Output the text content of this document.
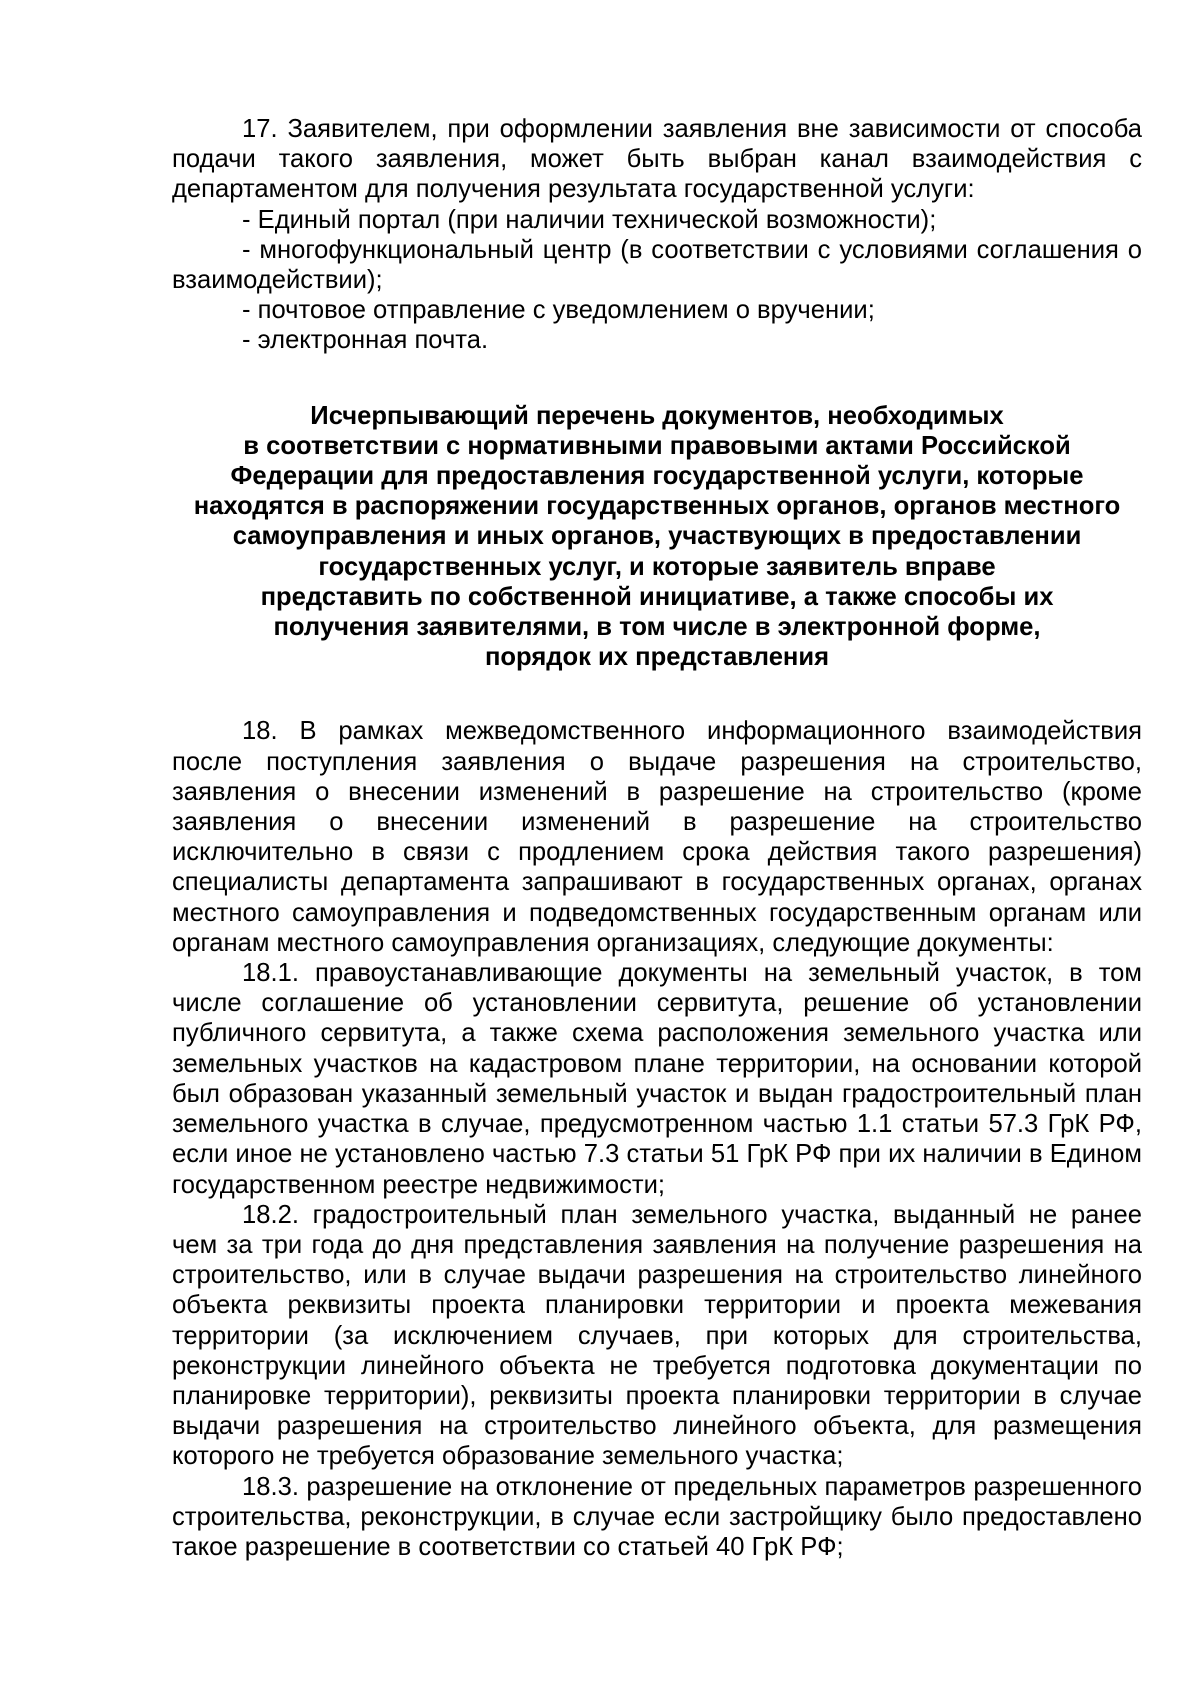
17. Заявителем, при оформлении заявления вне зависимости от способа подачи такого заявления, может быть выбран канал взаимодействия с департаментом для получения результата государственной услуги:

- Единый портал (при наличии технической возможности);

- многофункциональный центр (в соответствии с условиями соглашения о взаимодействии);

- почтовое отправление с уведомлением о вручении;

- электронная почта.

Исчерпывающий перечень документов, необходимых
в соответствии с нормативными правовыми актами Российской
Федерации для предоставления государственной услуги, которые
находятся в распоряжении государственных органов, органов местного
самоуправления и иных органов, участвующих в предоставлении
государственных услуг, и которые заявитель вправе
представить по собственной инициативе, а также способы их
получения заявителями, в том числе в электронной форме,
порядок их представления

18. В рамках межведомственного информационного взаимодействия после поступления заявления о выдаче разрешения на строительство, заявления о внесении изменений в разрешение на строительство (кроме заявления о внесении изменений в разрешение на строительство исключительно в связи с продлением срока действия такого разрешения) специалисты департамента запрашивают в государственных органах, органах местного самоуправления и подведомственных государственным органам или органам местного самоуправления организациях, следующие документы:

18.1. правоустанавливающие документы на земельный участок, в том числе соглашение об установлении сервитута, решение об установлении публичного сервитута, а также схема расположения земельного участка или земельных участков на кадастровом плане территории, на основании которой был образован указанный земельный участок и выдан градостроительный план земельного участка в случае, предусмотренном частью 1.1 статьи 57.3 ГрК РФ, если иное не установлено частью 7.3 статьи 51 ГрК РФ при их наличии в Едином государственном реестре недвижимости;

18.2. градостроительный план земельного участка, выданный не ранее чем за три года до дня представления заявления на получение разрешения на строительство, или в случае выдачи разрешения на строительство линейного объекта реквизиты проекта планировки территории и проекта межевания территории (за исключением случаев, при которых для строительства, реконструкции линейного объекта не требуется подготовка документации по планировке территории), реквизиты проекта планировки территории в случае выдачи разрешения на строительство линейного объекта, для размещения которого не требуется образование земельного участка;

18.3. разрешение на отклонение от предельных параметров разрешенного строительства, реконструкции, в случае если застройщику было предоставлено такое разрешение в соответствии со статьей 40 ГрК РФ;
